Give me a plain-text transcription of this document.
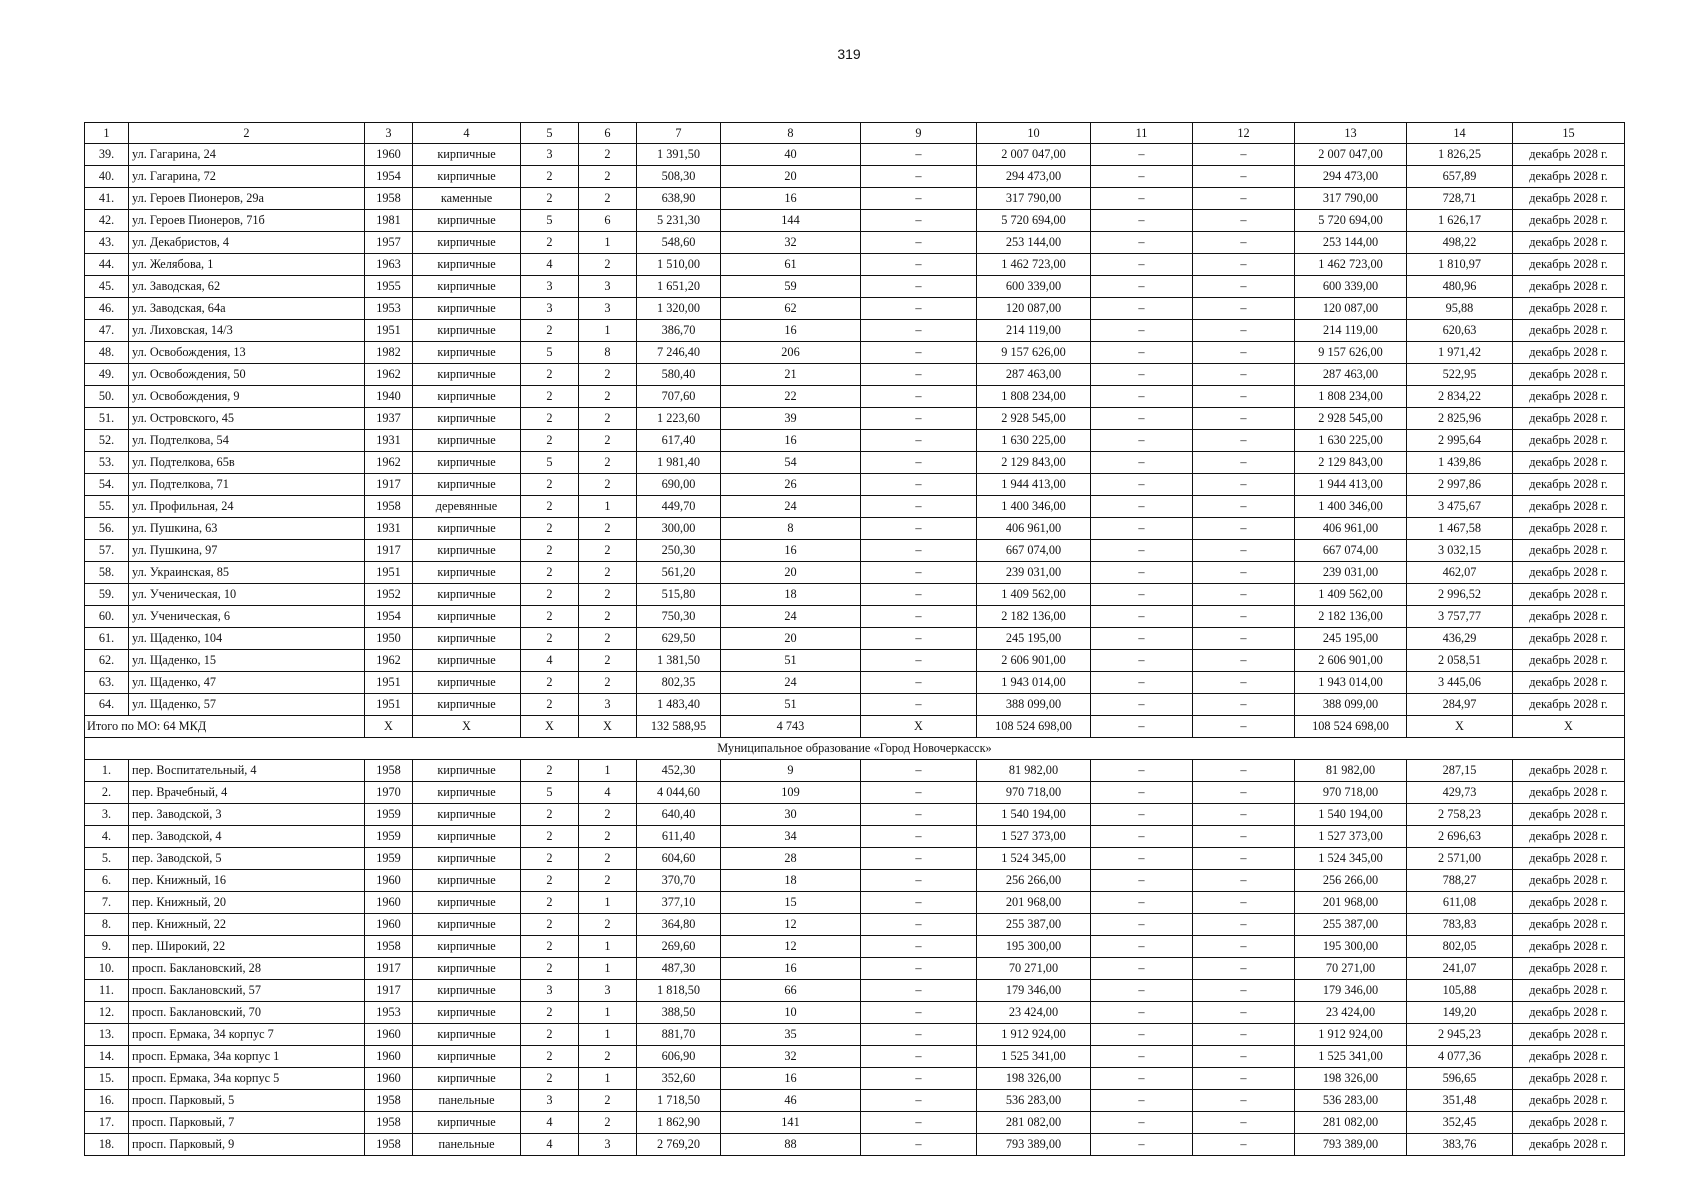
319
1	2	3	4	5	6	7	8	9	10	11	12	13	14	15
39.	ул. Гагарина, 24	1960	кирпичные	3	2	1 391,50	40	–	2 007 047,00	–	–	2 007 047,00	1 826,25	декабрь 2028 г.
40.	ул. Гагарина, 72	1954	кирпичные	2	2	508,30	20	–	294 473,00	–	–	294 473,00	657,89	декабрь 2028 г.
41.	ул. Героев Пионеров, 29а	1958	каменные	2	2	638,90	16	–	317 790,00	–	–	317 790,00	728,71	декабрь 2028 г.
42.	ул. Героев Пионеров, 71б	1981	кирпичные	5	6	5 231,30	144	–	5 720 694,00	–	–	5 720 694,00	1 626,17	декабрь 2028 г.
43.	ул. Декабристов, 4	1957	кирпичные	2	1	548,60	32	–	253 144,00	–	–	253 144,00	498,22	декабрь 2028 г.
44.	ул. Желябова, 1	1963	кирпичные	4	2	1 510,00	61	–	1 462 723,00	–	–	1 462 723,00	1 810,97	декабрь 2028 г.
45.	ул. Заводская, 62	1955	кирпичные	3	3	1 651,20	59	–	600 339,00	–	–	600 339,00	480,96	декабрь 2028 г.
46.	ул. Заводская, 64а	1953	кирпичные	3	3	1 320,00	62	–	120 087,00	–	–	120 087,00	95,88	декабрь 2028 г.
47.	ул. Лиховская, 14/3	1951	кирпичные	2	1	386,70	16	–	214 119,00	–	–	214 119,00	620,63	декабрь 2028 г.
48.	ул. Освобождения, 13	1982	кирпичные	5	8	7 246,40	206	–	9 157 626,00	–	–	9 157 626,00	1 971,42	декабрь 2028 г.
49.	ул. Освобождения, 50	1962	кирпичные	2	2	580,40	21	–	287 463,00	–	–	287 463,00	522,95	декабрь 2028 г.
50.	ул. Освобождения, 9	1940	кирпичные	2	2	707,60	22	–	1 808 234,00	–	–	1 808 234,00	2 834,22	декабрь 2028 г.
51.	ул. Островского, 45	1937	кирпичные	2	2	1 223,60	39	–	2 928 545,00	–	–	2 928 545,00	2 825,96	декабрь 2028 г.
52.	ул. Подтелкова, 54	1931	кирпичные	2	2	617,40	16	–	1 630 225,00	–	–	1 630 225,00	2 995,64	декабрь 2028 г.
53.	ул. Подтелкова, 65в	1962	кирпичные	5	2	1 981,40	54	–	2 129 843,00	–	–	2 129 843,00	1 439,86	декабрь 2028 г.
54.	ул. Подтелкова, 71	1917	кирпичные	2	2	690,00	26	–	1 944 413,00	–	–	1 944 413,00	2 997,86	декабрь 2028 г.
55.	ул. Профильная, 24	1958	деревянные	2	1	449,70	24	–	1 400 346,00	–	–	1 400 346,00	3 475,67	декабрь 2028 г.
56.	ул. Пушкина, 63	1931	кирпичные	2	2	300,00	8	–	406 961,00	–	–	406 961,00	1 467,58	декабрь 2028 г.
57.	ул. Пушкина, 97	1917	кирпичные	2	2	250,30	16	–	667 074,00	–	–	667 074,00	3 032,15	декабрь 2028 г.
58.	ул. Украинская, 85	1951	кирпичные	2	2	561,20	20	–	239 031,00	–	–	239 031,00	462,07	декабрь 2028 г.
59.	ул. Ученическая, 10	1952	кирпичные	2	2	515,80	18	–	1 409 562,00	–	–	1 409 562,00	2 996,52	декабрь 2028 г.
60.	ул. Ученическая, 6	1954	кирпичные	2	2	750,30	24	–	2 182 136,00	–	–	2 182 136,00	3 757,77	декабрь 2028 г.
61.	ул. Щаденко, 104	1950	кирпичные	2	2	629,50	20	–	245 195,00	–	–	245 195,00	436,29	декабрь 2028 г.
62.	ул. Щаденко, 15	1962	кирпичные	4	2	1 381,50	51	–	2 606 901,00	–	–	2 606 901,00	2 058,51	декабрь 2028 г.
63.	ул. Щаденко, 47	1951	кирпичные	2	2	802,35	24	–	1 943 014,00	–	–	1 943 014,00	3 445,06	декабрь 2028 г.
64.	ул. Щаденко, 57	1951	кирпичные	2	3	1 483,40	51	–	388 099,00	–	–	388 099,00	284,97	декабрь 2028 г.
Итого по МО: 64 МКД		X	X	X	X	132 588,95	4 743	X	108 524 698,00	–	–	108 524 698,00	X	X
Муниципальное образование «Город Новочеркасск»														
1.	пер. Воспитательный, 4	1958	кирпичные	2	1	452,30	9	–	81 982,00	–	–	81 982,00	287,15	декабрь 2028 г.
2.	пер. Врачебный, 4	1970	кирпичные	5	4	4 044,60	109	–	970 718,00	–	–	970 718,00	429,73	декабрь 2028 г.
3.	пер. Заводской, 3	1959	кирпичные	2	2	640,40	30	–	1 540 194,00	–	–	1 540 194,00	2 758,23	декабрь 2028 г.
4.	пер. Заводской, 4	1959	кирпичные	2	2	611,40	34	–	1 527 373,00	–	–	1 527 373,00	2 696,63	декабрь 2028 г.
5.	пер. Заводской, 5	1959	кирпичные	2	2	604,60	28	–	1 524 345,00	–	–	1 524 345,00	2 571,00	декабрь 2028 г.
6.	пер. Книжный, 16	1960	кирпичные	2	2	370,70	18	–	256 266,00	–	–	256 266,00	788,27	декабрь 2028 г.
7.	пер. Книжный, 20	1960	кирпичные	2	1	377,10	15	–	201 968,00	–	–	201 968,00	611,08	декабрь 2028 г.
8.	пер. Книжный, 22	1960	кирпичные	2	2	364,80	12	–	255 387,00	–	–	255 387,00	783,83	декабрь 2028 г.
9.	пер. Широкий, 22	1958	кирпичные	2	1	269,60	12	–	195 300,00	–	–	195 300,00	802,05	декабрь 2028 г.
10.	просп. Баклановский, 28	1917	кирпичные	2	1	487,30	16	–	70 271,00	–	–	70 271,00	241,07	декабрь 2028 г.
11.	просп. Баклановский, 57	1917	кирпичные	3	3	1 818,50	66	–	179 346,00	–	–	179 346,00	105,88	декабрь 2028 г.
12.	просп. Баклановский, 70	1953	кирпичные	2	1	388,50	10	–	23 424,00	–	–	23 424,00	149,20	декабрь 2028 г.
13.	просп. Ермака, 34 корпус 7	1960	кирпичные	2	1	881,70	35	–	1 912 924,00	–	–	1 912 924,00	2 945,23	декабрь 2028 г.
14.	просп. Ермака, 34а корпус 1	1960	кирпичные	2	2	606,90	32	–	1 525 341,00	–	–	1 525 341,00	4 077,36	декабрь 2028 г.
15.	просп. Ермака, 34а корпус 5	1960	кирпичные	2	1	352,60	16	–	198 326,00	–	–	198 326,00	596,65	декабрь 2028 г.
16.	просп. Парковый, 5	1958	панельные	3	2	1 718,50	46	–	536 283,00	–	–	536 283,00	351,48	декабрь 2028 г.
17.	просп. Парковый, 7	1958	кирпичные	4	2	1 862,90	141	–	281 082,00	–	–	281 082,00	352,45	декабрь 2028 г.
18.	просп. Парковый, 9	1958	панельные	4	3	2 769,20	88	–	793 389,00	–	–	793 389,00	383,76	декабрь 2028 г.
